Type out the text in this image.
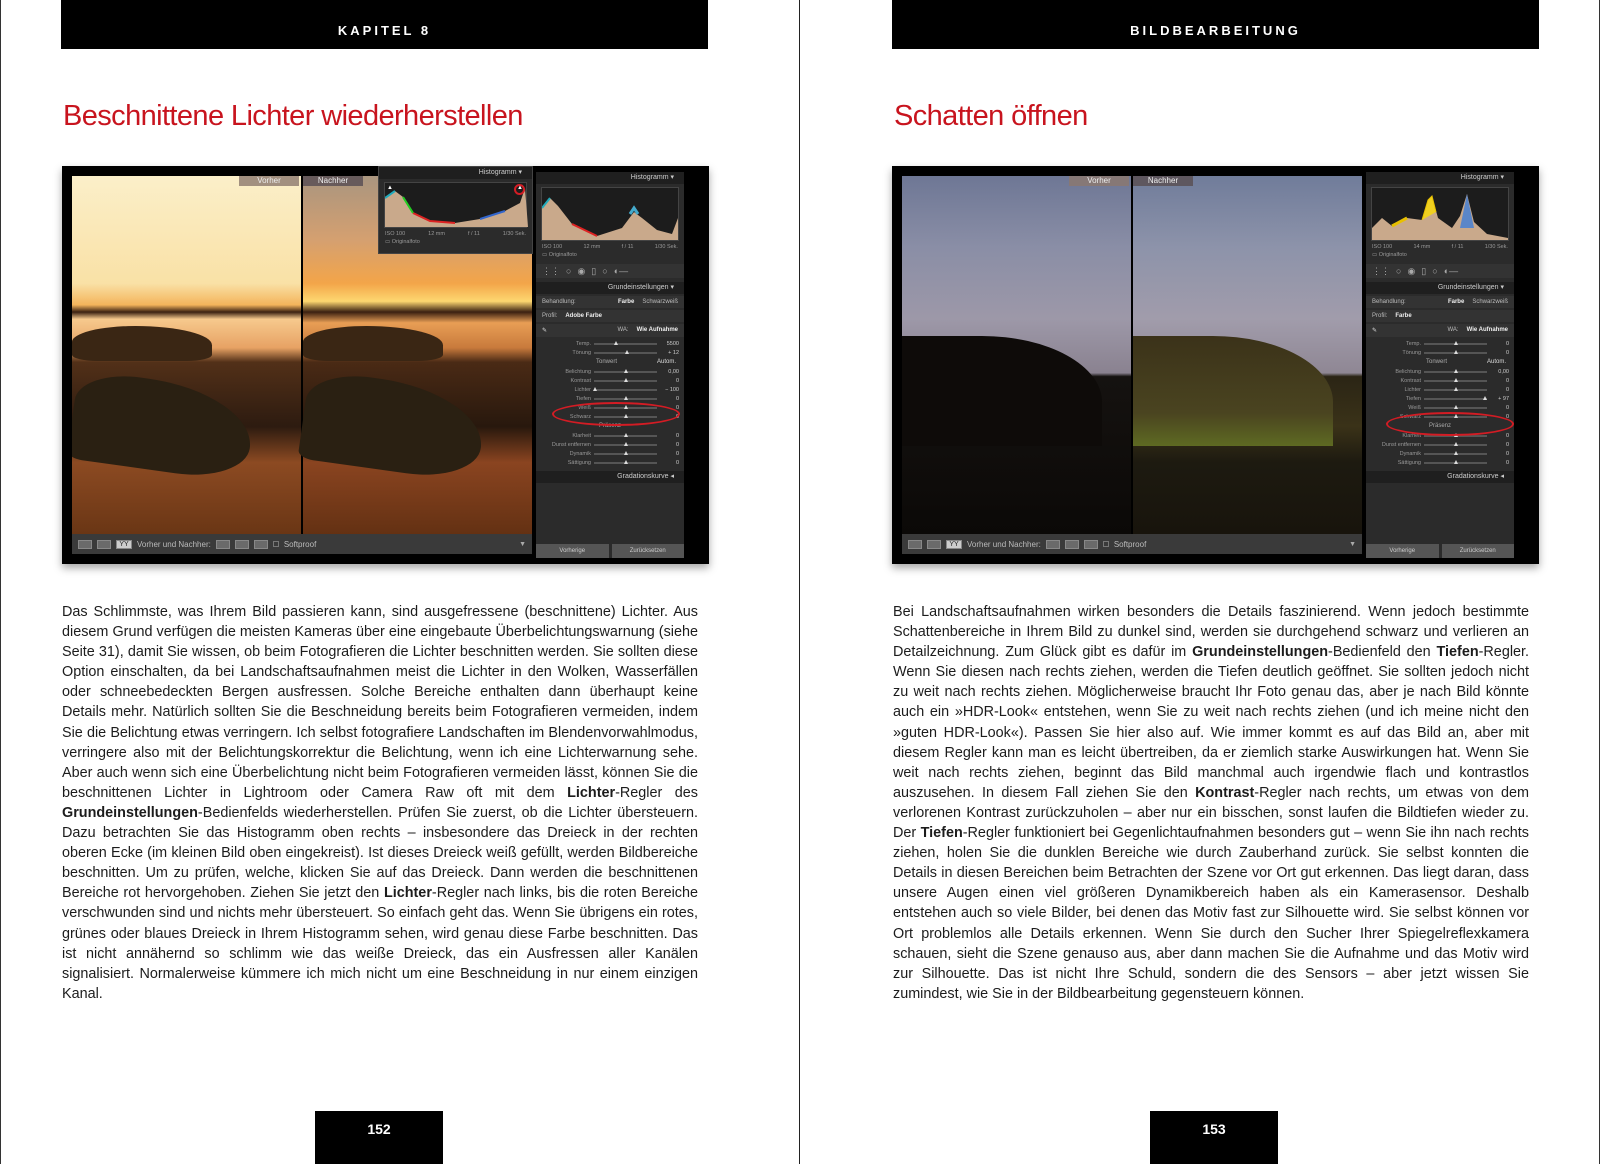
KAPITEL 8
Beschnittene Lichter wiederherstellen
Vorher	Nachher
Histogramm ▾
▲
▲
ISO 100	12 mm	f / 11	1/30 Sek.
▭ Originalfoto
YY	Vorher und Nachher:	Softproof	▼
Histogramm ▾
ISO 100	12 mm	f / 11	1/30 Sek.
▭ Originalfoto
⋮⋮ ○ ◉ ▯ ○ ◐—
Grundeinstellungen ▾
Behandlung:	Farbe Schwarzweiß
Profil: Adobe Farbe
✎	WA: Wie Aufnahme
Temp.	5500
Tönung	+ 12
Tonwert	Autom.
Belichtung	0,00
Kontrast	0
Lichter	− 100
Tiefen	0
Weiß	0
Schwarz	0
Präsenz
Klarheit	0
Dunst entfernen	0
Dynamik	0
Sättigung	0
Gradationskurve ◂
Vorherige	Zurücksetzen
Das Schlimmste, was Ihrem Bild passieren kann, sind ausgefressene (beschnittene) Lichter. Aus diesem Grund verfügen die meisten Kameras über eine eingebaute Überbelichtungswarnung (siehe Seite 31), damit Sie wissen, ob beim Fotografieren die Lichter beschnitten werden. Sie sollten diese Option einschalten, da bei Landschaftsaufnahmen meist die Lichter in den Wolken, Wasserfällen oder schneebedeckten Bergen ausfressen. Solche Bereiche enthalten dann überhaupt keine Details mehr. Natürlich sollten Sie die Beschneidung bereits beim Fotografieren vermeiden, indem Sie die Belichtung etwas verringern. Ich selbst fotografiere Landschaften im Blendenvorwahlmodus, verringere also mit der Belichtungskorrektur die Belichtung, wenn ich eine Lichterwarnung sehe. Aber auch wenn sich eine Überbelichtung nicht beim Fotografieren vermeiden lässt, können Sie die beschnittenen Lichter in Lightroom oder Camera Raw oft mit dem Lichter-Regler des Grundeinstellungen-Bedienfelds wiederherstellen. Prüfen Sie zuerst, ob die Lichter übersteuern. Dazu betrachten Sie das Histogramm oben rechts – insbesondere das Dreieck in der rechten oberen Ecke (im kleinen Bild oben eingekreist). Ist dieses Dreieck weiß gefüllt, werden Bildbereiche beschnitten. Um zu prüfen, welche, klicken Sie auf das Dreieck. Dann werden die beschnittenen Bereiche rot hervorgehoben. Ziehen Sie jetzt den Lichter-Regler nach links, bis die roten Bereiche verschwunden sind und nichts mehr übersteuert. So einfach geht das. Wenn Sie übrigens ein rotes, grünes oder blaues Dreieck in Ihrem Histogramm sehen, wird genau diese Farbe beschnitten. Das ist nicht annähernd so schlimm wie das weiße Dreieck, das ein Ausfressen aller Kanälen signalisiert. Normalerweise kümmere ich mich nicht um eine Beschneidung in nur einem einzigen Kanal.
152
BILDBEARBEITUNG
Schatten öffnen
Vorher	Nachher
YY	Vorher und Nachher:	Softproof	▼
Histogramm ▾
ISO 100	14 mm	f / 11	1/30 Sek.
▭ Originalfoto
⋮⋮ ○ ◉ ▯ ○ ◐—
Grundeinstellungen ▾
Behandlung:	Farbe Schwarzweiß
Profil: Farbe
✎	WA: Wie Aufnahme
Temp.	0
Tönung	0
Tonwert	Autom.
Belichtung	0,00
Kontrast	0
Lichter	0
Tiefen	+ 97
Weiß	0
Schwarz	0
Präsenz
Klarheit	0
Dunst entfernen	0
Dynamik	0
Sättigung	0
Gradationskurve ◂
Vorherige	Zurücksetzen
Bei Landschaftsaufnahmen wirken besonders die Details faszinierend. Wenn jedoch bestimmte Schattenbereiche in Ihrem Bild zu dunkel sind, werden sie durchgehend schwarz und verlieren an Detailzeichnung. Zum Glück gibt es dafür im Grundeinstellungen-Bedienfeld den Tiefen-Regler. Wenn Sie diesen nach rechts ziehen, werden die Tiefen deutlich geöffnet. Sie sollten jedoch nicht zu weit nach rechts ziehen. Möglicherweise braucht Ihr Foto genau das, aber je nach Bild könnte auch ein »HDR-Look« entstehen, wenn Sie zu weit nach rechts ziehen (und ich meine nicht den »guten HDR-Look«). Passen Sie hier also auf. Wie immer kommt es auf das Bild an, aber mit diesem Regler kann man es leicht übertreiben, da er ziemlich starke Auswirkungen hat. Wenn Sie weit nach rechts ziehen, beginnt das Bild manchmal auch irgendwie flach und kontrastlos auszusehen. In diesem Fall ziehen Sie den Kontrast-Regler nach rechts, um etwas von dem verlorenen Kontrast zurückzuholen – aber nur ein bisschen, sonst laufen die Bildtiefen wieder zu. Der Tiefen-Regler funktioniert bei Gegenlichtaufnahmen besonders gut – wenn Sie ihn nach rechts ziehen, holen Sie die dunklen Bereiche wie durch Zauberhand zurück. Sie selbst konnten die Details in diesen Bereichen beim Betrachten der Szene vor Ort gut erkennen. Das liegt daran, dass unsere Augen einen viel größeren Dynamikbereich haben als ein Kamerasensor. Deshalb entstehen auch so viele Bilder, bei denen das Motiv fast zur Silhouette wird. Sie selbst können vor Ort problemlos alle Details erkennen. Wenn Sie durch den Sucher Ihrer Spiegelreflexkamera schauen, sieht die Szene genauso aus, aber dann machen Sie die Aufnahme und das Motiv wird zur Silhouette. Das ist nicht Ihre Schuld, sondern die des Sensors – aber jetzt wissen Sie zumindest, wie Sie in der Bildbearbeitung gegensteuern können.
153
